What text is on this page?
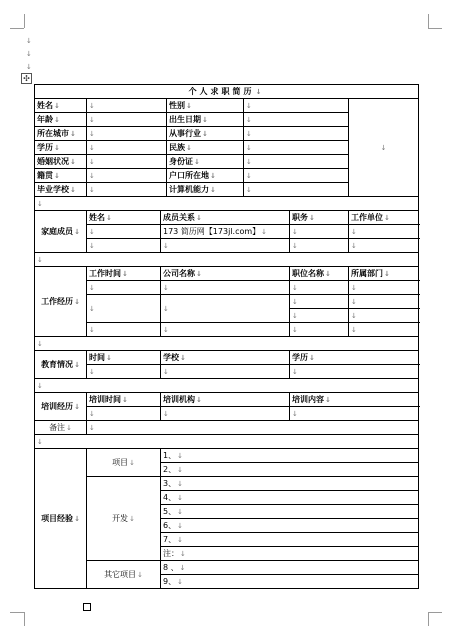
↓
↓
↓
✣
个人求职简历↓						
姓名↓	↓		性别↓	↓		↓
年龄↓	↓		出生日期↓	↓		
所在城市↓	↓		从事行业↓	↓		
学历↓	↓		民族↓	↓		
婚姻状况↓	↓		身份证↓	↓		
籍贯↓	↓		户口所在地↓	↓		
毕业学校↓	↓		计算机能力↓	↓		
↓						
家庭成员↓	姓名↓	成员关系↓			职务↓	工作单位↓
	↓	173 简历网【173jl.com】↓			↓	↓
	↓	↓			↓	↓
↓						
工作经历↓	工作时间↓	公司名称↓			职位名称↓	所属部门↓
	↓	↓			↓	↓
	↓	↓			↓	↓
					↓	↓
	↓	↓			↓	↓
↓						
教育情况↓	时间↓	学校↓			学历↓	
	↓	↓			↓	
↓						
培训经历↓	培训时间↓	培训机构↓			培训内容↓	
	↓	↓			↓	
备注↓	↓					
↓						
项目经验↓	项目↓	1、↓				
		2、↓				
	开发↓	3、↓				
		4、↓				
		5、↓				
		6、↓				
		7、↓				
		注：↓				
	其它项目↓	8 、↓				
		9、↓				
